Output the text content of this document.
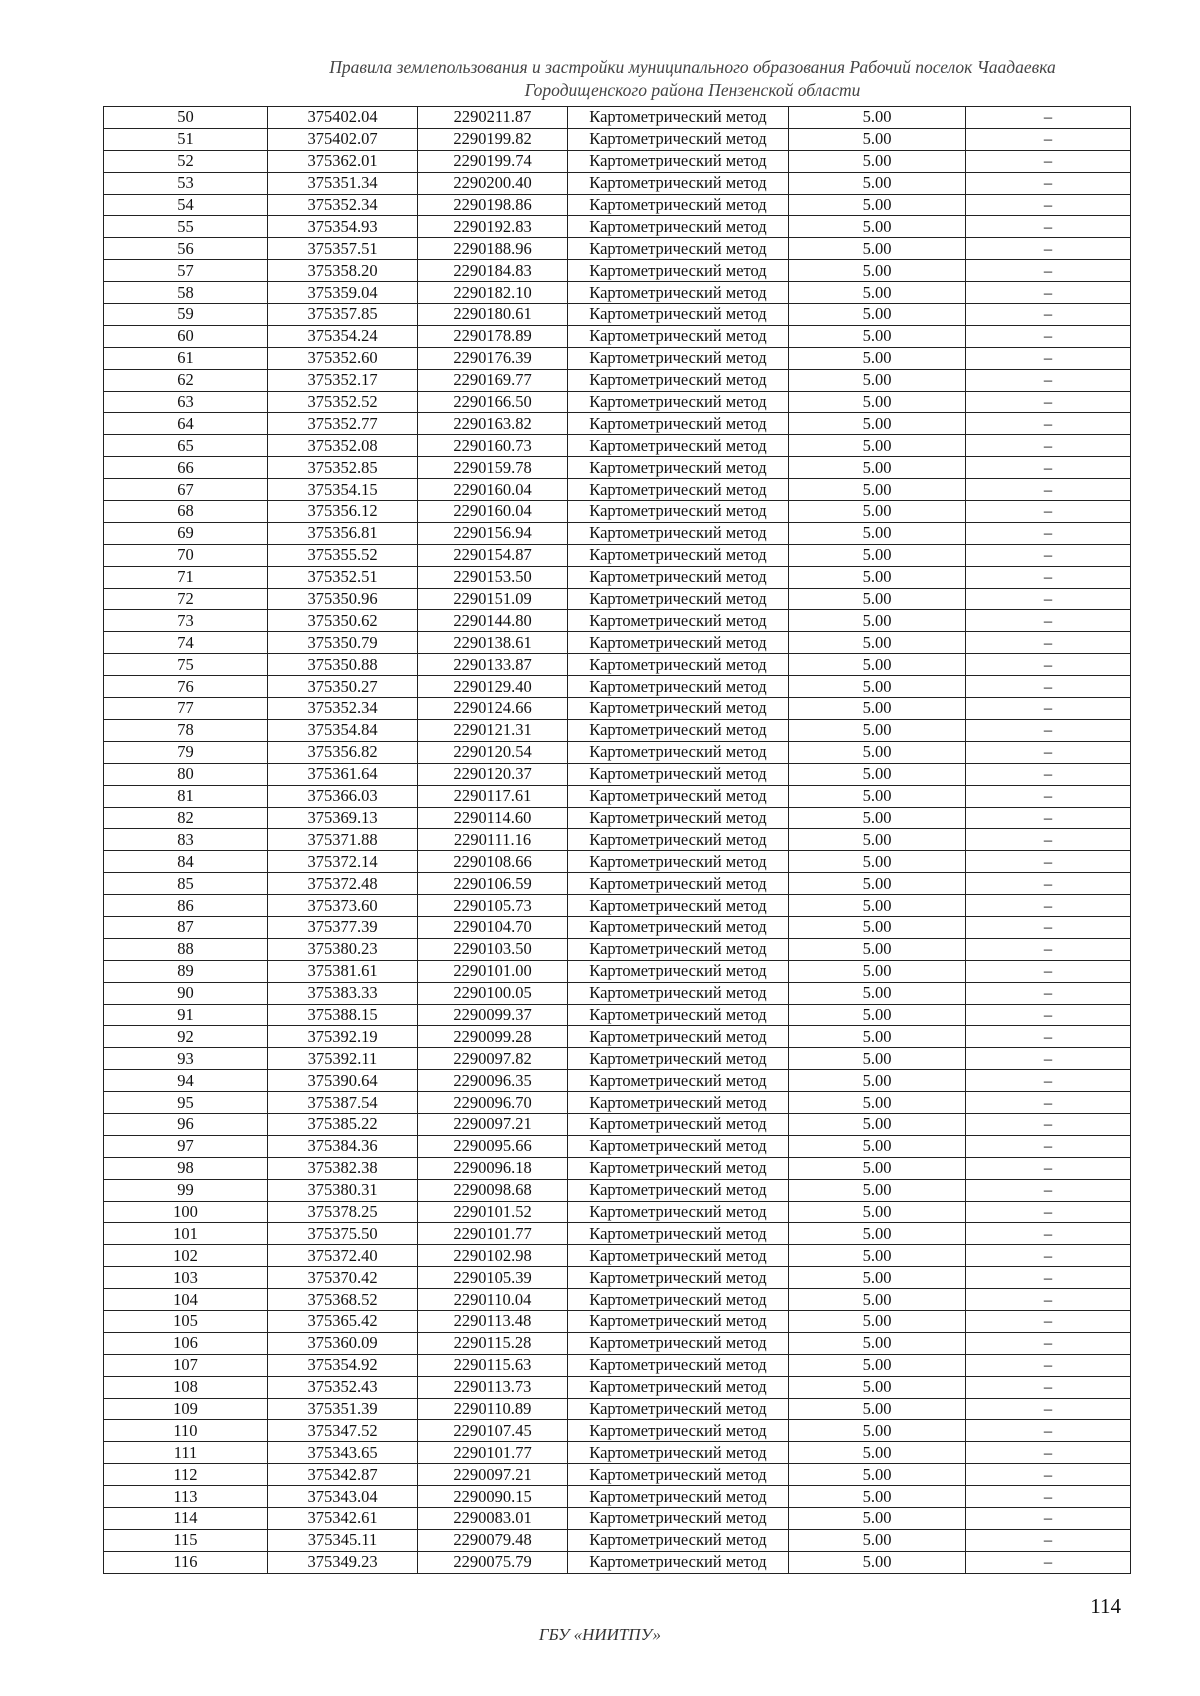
Правила землепользования и застройки муниципального образования Рабочий поселок Чаадаевка
Городищенского района Пензенской области
50	375402.04	2290211.87	Картометрический метод	5.00	–
51	375402.07	2290199.82	Картометрический метод	5.00	–
52	375362.01	2290199.74	Картометрический метод	5.00	–
53	375351.34	2290200.40	Картометрический метод	5.00	–
54	375352.34	2290198.86	Картометрический метод	5.00	–
55	375354.93	2290192.83	Картометрический метод	5.00	–
56	375357.51	2290188.96	Картометрический метод	5.00	–
57	375358.20	2290184.83	Картометрический метод	5.00	–
58	375359.04	2290182.10	Картометрический метод	5.00	–
59	375357.85	2290180.61	Картометрический метод	5.00	–
60	375354.24	2290178.89	Картометрический метод	5.00	–
61	375352.60	2290176.39	Картометрический метод	5.00	–
62	375352.17	2290169.77	Картометрический метод	5.00	–
63	375352.52	2290166.50	Картометрический метод	5.00	–
64	375352.77	2290163.82	Картометрический метод	5.00	–
65	375352.08	2290160.73	Картометрический метод	5.00	–
66	375352.85	2290159.78	Картометрический метод	5.00	–
67	375354.15	2290160.04	Картометрический метод	5.00	–
68	375356.12	2290160.04	Картометрический метод	5.00	–
69	375356.81	2290156.94	Картометрический метод	5.00	–
70	375355.52	2290154.87	Картометрический метод	5.00	–
71	375352.51	2290153.50	Картометрический метод	5.00	–
72	375350.96	2290151.09	Картометрический метод	5.00	–
73	375350.62	2290144.80	Картометрический метод	5.00	–
74	375350.79	2290138.61	Картометрический метод	5.00	–
75	375350.88	2290133.87	Картометрический метод	5.00	–
76	375350.27	2290129.40	Картометрический метод	5.00	–
77	375352.34	2290124.66	Картометрический метод	5.00	–
78	375354.84	2290121.31	Картометрический метод	5.00	–
79	375356.82	2290120.54	Картометрический метод	5.00	–
80	375361.64	2290120.37	Картометрический метод	5.00	–
81	375366.03	2290117.61	Картометрический метод	5.00	–
82	375369.13	2290114.60	Картометрический метод	5.00	–
83	375371.88	2290111.16	Картометрический метод	5.00	–
84	375372.14	2290108.66	Картометрический метод	5.00	–
85	375372.48	2290106.59	Картометрический метод	5.00	–
86	375373.60	2290105.73	Картометрический метод	5.00	–
87	375377.39	2290104.70	Картометрический метод	5.00	–
88	375380.23	2290103.50	Картометрический метод	5.00	–
89	375381.61	2290101.00	Картометрический метод	5.00	–
90	375383.33	2290100.05	Картометрический метод	5.00	–
91	375388.15	2290099.37	Картометрический метод	5.00	–
92	375392.19	2290099.28	Картометрический метод	5.00	–
93	375392.11	2290097.82	Картометрический метод	5.00	–
94	375390.64	2290096.35	Картометрический метод	5.00	–
95	375387.54	2290096.70	Картометрический метод	5.00	–
96	375385.22	2290097.21	Картометрический метод	5.00	–
97	375384.36	2290095.66	Картометрический метод	5.00	–
98	375382.38	2290096.18	Картометрический метод	5.00	–
99	375380.31	2290098.68	Картометрический метод	5.00	–
100	375378.25	2290101.52	Картометрический метод	5.00	–
101	375375.50	2290101.77	Картометрический метод	5.00	–
102	375372.40	2290102.98	Картометрический метод	5.00	–
103	375370.42	2290105.39	Картометрический метод	5.00	–
104	375368.52	2290110.04	Картометрический метод	5.00	–
105	375365.42	2290113.48	Картометрический метод	5.00	–
106	375360.09	2290115.28	Картометрический метод	5.00	–
107	375354.92	2290115.63	Картометрический метод	5.00	–
108	375352.43	2290113.73	Картометрический метод	5.00	–
109	375351.39	2290110.89	Картометрический метод	5.00	–
110	375347.52	2290107.45	Картометрический метод	5.00	–
111	375343.65	2290101.77	Картометрический метод	5.00	–
112	375342.87	2290097.21	Картометрический метод	5.00	–
113	375343.04	2290090.15	Картометрический метод	5.00	–
114	375342.61	2290083.01	Картометрический метод	5.00	–
115	375345.11	2290079.48	Картометрический метод	5.00	–
116	375349.23	2290075.79	Картометрический метод	5.00	–
114
ГБУ «НИИТПУ»
